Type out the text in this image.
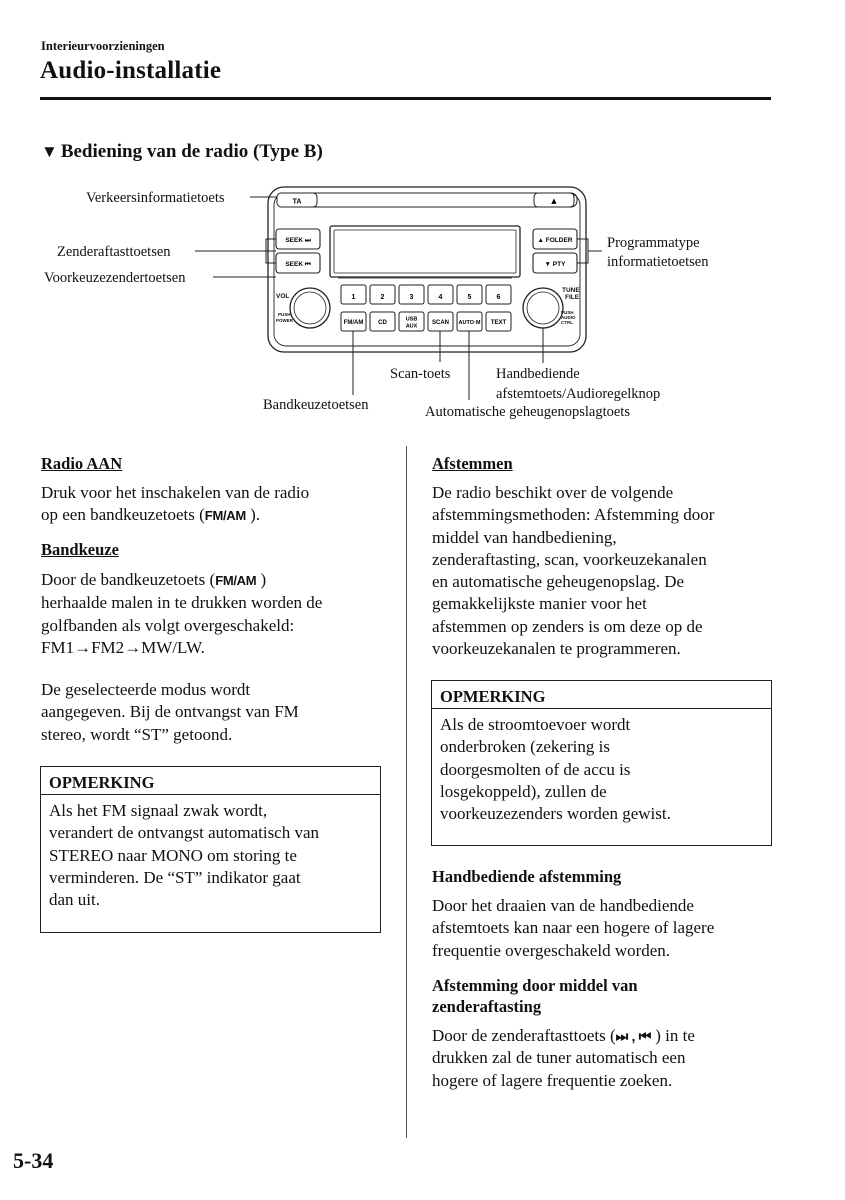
Interieurvoorzieningen
Audio-installatie
▼ Bediening van de radio (Type B)
TA	▲
SEEK ⏭
SEEK ⏮
▲ FOLDER
▼ PTY
VOL
PUSH
POWER
TUNE
FILE
PUSH
AUDIO
CTRL
1	2	3	4	5	6
FM/AM CD
USB
AUX
SCAN AUTO·M TEXT
Verkeersinformatietoets
Zenderaftasttoetsen
Voorkeuzezendertoetsen
Programmatype
informatietoetsen
Scan-toets	Handbediende
afstemtoets/Audioregelknop
Bandkeuzetoetsen	Automatische geheugenopslagtoets
Radio AAN
Druk voor het inschakelen van de radio
op een bandkeuzetoets (FM/AM ).
Bandkeuze
Door de bandkeuzetoets (FM/AM )
herhaalde malen in te drukken worden de
golfbanden als volgt overgeschakeld:
FM1→FM2→MW/LW.
De geselecteerde modus wordt
aangegeven. Bij de ontvangst van FM
stereo, wordt “ST” getoond.
OPMERKING
Als het FM signaal zwak wordt,
verandert de ontvangst automatisch van
STEREO naar MONO om storing te
verminderen. De “ST” indikator gaat
dan uit.
Afstemmen
De radio beschikt over de volgende
afstemmingsmethoden: Afstemming door
middel van handbediening,
zenderaftasting, scan, voorkeuzekanalen
en automatische geheugenopslag. De
gemakkelijkste manier voor het
afstemmen op zenders is om deze op de
voorkeuzekanalen te programmeren.
OPMERKING
Als de stroomtoevoer wordt
onderbroken (zekering is
doorgesmolten of de accu is
losgekoppeld), zullen de
voorkeuzezenders worden gewist.
Handbediende afstemming
Door het draaien van de handbediende
afstemtoets kan naar een hogere of lagere
frequentie overgeschakeld worden.
Afstemming door middel van
zenderaftasting
Door de zenderaftasttoets (⏭ , ⏮ ) in te
drukken zal de tuner automatisch een
hogere of lagere frequentie zoeken.
5-34
